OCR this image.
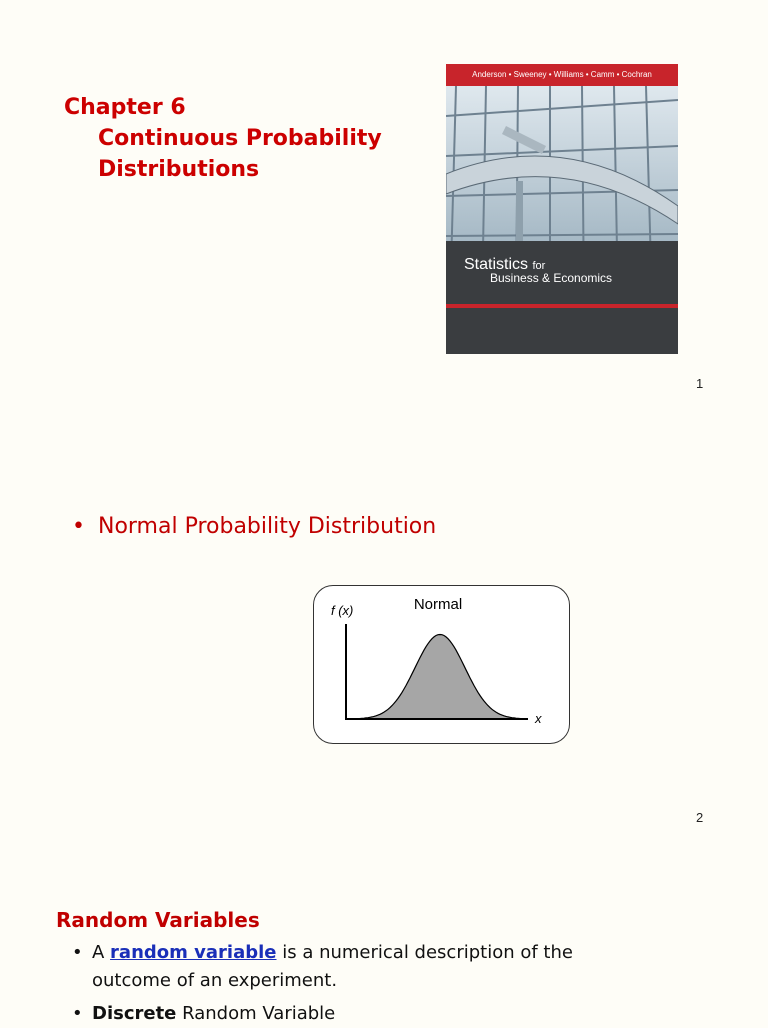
Chapter 6
Continuous Probability
Distributions
Anderson • Sweeney • Williams • Camm • Cochran
Statistics for
Business & Economics
1
• Normal Probability Distribution
f (x)	Normal
x
2
Random Variables
• A random variable is a numerical description of the
outcome of an experiment.
• Discrete Random Variable
